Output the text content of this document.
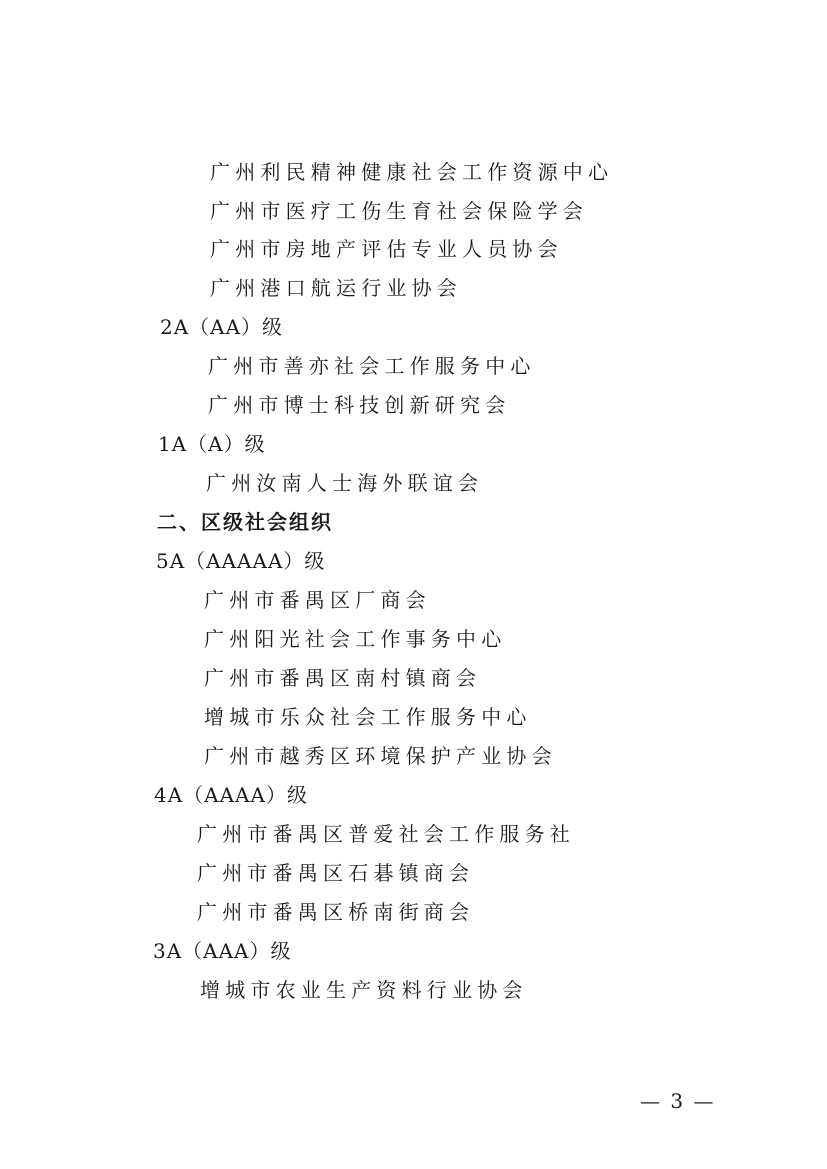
广州利民精神健康社会工作资源中心
广州市医疗工伤生育社会保险学会
广州市房地产评估专业人员协会
广州港口航运行业协会
2A（AA）级
广州市善亦社会工作服务中心
广州市博士科技创新研究会
1A（A）级
广州汝南人士海外联谊会
二、区级社会组织
5A（AAAAA）级
广州市番禺区厂商会
广州阳光社会工作事务中心
广州市番禺区南村镇商会
增城市乐众社会工作服务中心
广州市越秀区环境保护产业协会
4A（AAAA）级
广州市番禺区普爱社会工作服务社
广州市番禺区石碁镇商会
广州市番禺区桥南街商会
3A（AAA）级
增城市农业生产资料行业协会
— 3 —
